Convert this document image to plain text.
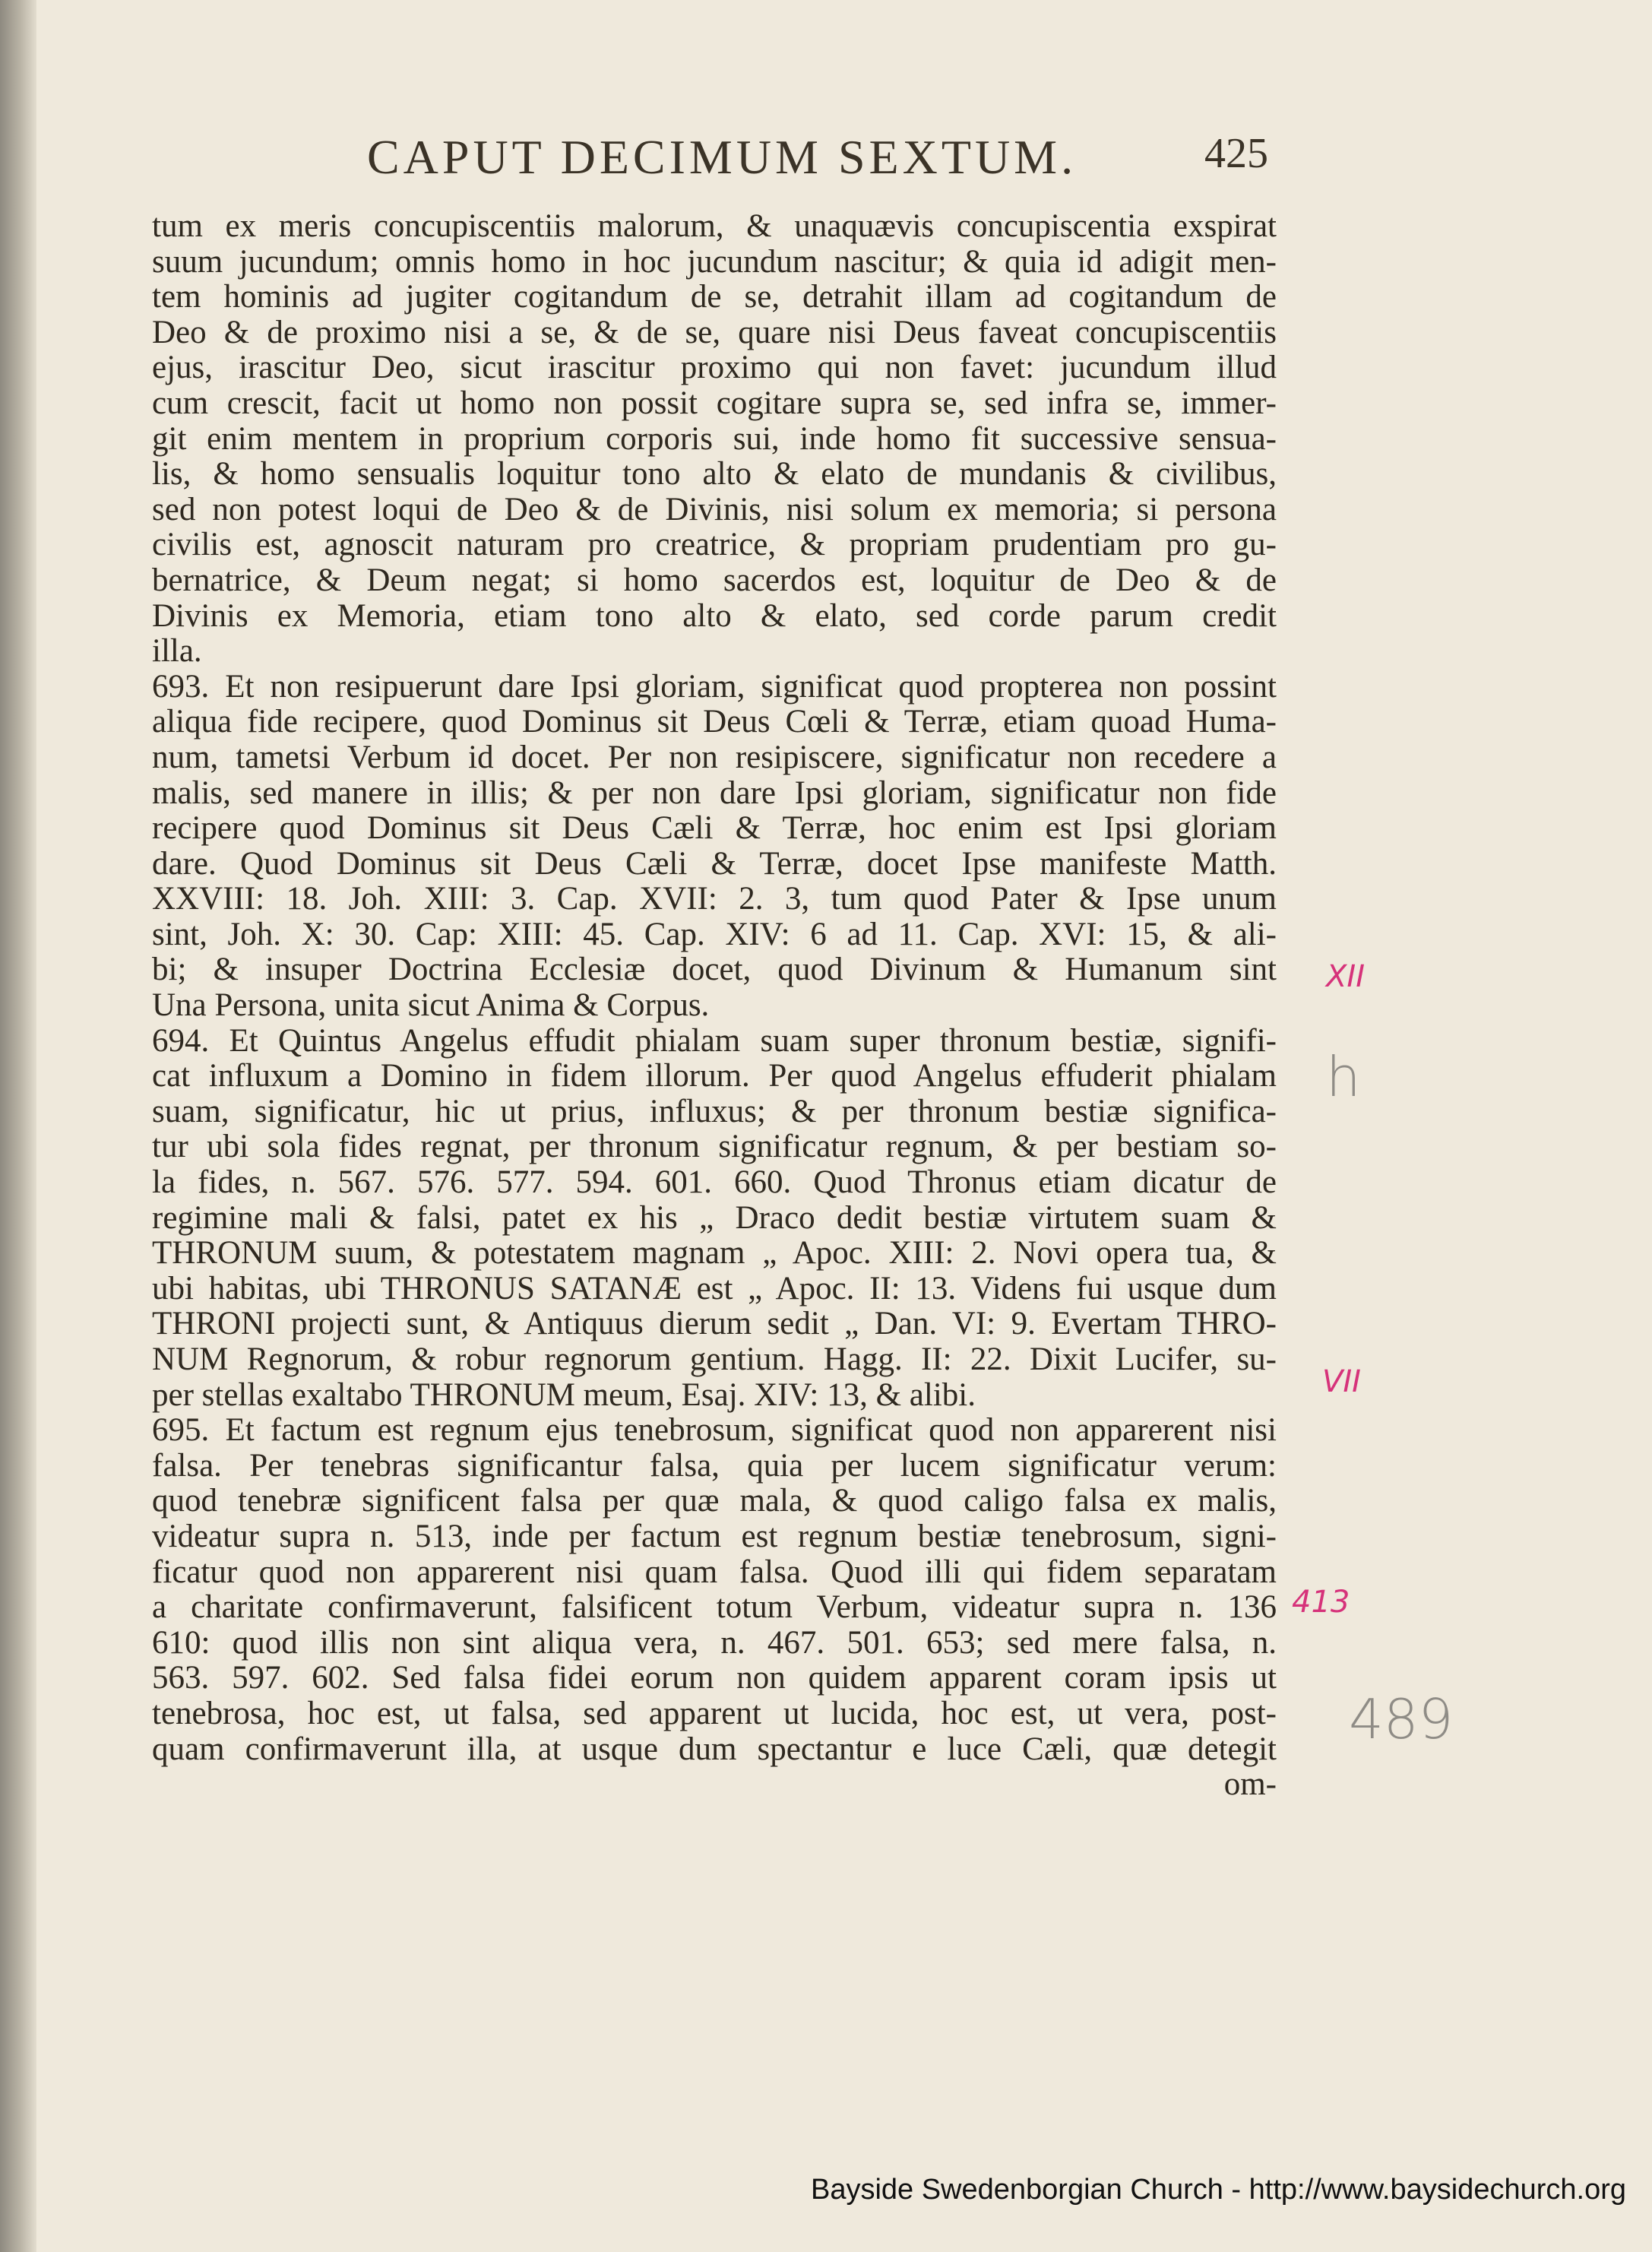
CAPUT DECIMUM SEXTUM.	425
tum ex meris concupiscentiis malorum, & unaquævis concupiscentia exspirat
suum jucundum; omnis homo in hoc jucundum nascitur; & quia id adigit men-
tem hominis ad jugiter cogitandum de se, detrahit illam ad cogitandum de
Deo & de proximo nisi a se, & de se, quare nisi Deus faveat concupiscentiis
ejus, irascitur Deo, sicut irascitur proximo qui non favet: jucundum illud
cum crescit, facit ut homo non possit cogitare supra se, sed infra se, immer-
git enim mentem in proprium corporis sui, inde homo fit successive sensua-
lis, & homo sensualis loquitur tono alto & elato de mundanis & civilibus,
sed non potest loqui de Deo & de Divinis, nisi solum ex memoria; si persona
civilis est, agnoscit naturam pro creatrice, & propriam prudentiam pro gu-
bernatrice, & Deum negat; si homo sacerdos est, loquitur de Deo & de
Divinis ex Memoria, etiam tono alto & elato, sed corde parum credit
illa.
693. Et non resipuerunt dare Ipsi gloriam, significat quod propterea non possint
aliqua fide recipere, quod Dominus sit Deus Cœli & Terræ, etiam quoad Huma-
num, tametsi Verbum id docet. Per non resipiscere, significatur non recedere a
malis, sed manere in illis; & per non dare Ipsi gloriam, significatur non fide
recipere quod Dominus sit Deus Cæli & Terræ, hoc enim est Ipsi gloriam
dare. Quod Dominus sit Deus Cæli & Terræ, docet Ipse manifeste Matth.
XXVIII: 18. Joh. XIII: 3. Cap. XVII: 2. 3, tum quod Pater & Ipse unum
sint, Joh. X: 30. Cap: XIII: 45. Cap. XIV: 6 ad 11. Cap. XVI: 15, & ali-
bi; & insuper Doctrina Ecclesiæ docet, quod Divinum & Humanum sint
Una Persona, unita sicut Anima & Corpus.
694. Et Quintus Angelus effudit phialam suam super thronum bestiæ, signifi-
cat influxum a Domino in fidem illorum. Per quod Angelus effuderit phialam
suam, significatur, hic ut prius, influxus; & per thronum bestiæ significa-
tur ubi sola fides regnat, per thronum significatur regnum, & per bestiam so-
la fides, n. 567. 576. 577. 594. 601. 660. Quod Thronus etiam dicatur de
regimine mali & falsi, patet ex his „ Draco dedit bestiæ virtutem suam &
THRONUM suum, & potestatem magnam „ Apoc. XIII: 2. Novi opera tua, &
ubi habitas, ubi THRONUS SATANÆ est „ Apoc. II: 13. Videns fui usque dum
THRONI projecti sunt, & Antiquus dierum sedit „ Dan. VI: 9. Evertam THRO-
NUM Regnorum, & robur regnorum gentium. Hagg. II: 22. Dixit Lucifer, su-
per stellas exaltabo THRONUM meum, Esaj. XIV: 13, & alibi.
695. Et factum est regnum ejus tenebrosum, significat quod non apparerent nisi
falsa. Per tenebras significantur falsa, quia per lucem significatur verum:
quod tenebræ significent falsa per quæ mala, & quod caligo falsa ex malis,
videatur supra n. 513, inde per factum est regnum bestiæ tenebrosum, signi-
ficatur quod non apparerent nisi quam falsa. Quod illi qui fidem separatam
a charitate confirmaverunt, falsificent totum Verbum, videatur supra n. 136
610: quod illis non sint aliqua vera, n. 467. 501. 653; sed mere falsa, n.
563. 597. 602. Sed falsa fidei eorum non quidem apparent coram ipsis ut
tenebrosa, hoc est, ut falsa, sed apparent ut lucida, hoc est, ut vera, post-
quam confirmaverunt illa, at usque dum spectantur e luce Cæli, quæ detegit
om-
XII
h
VII
413
489
Bayside Swedenborgian Church - http://www.baysidechurch.org
